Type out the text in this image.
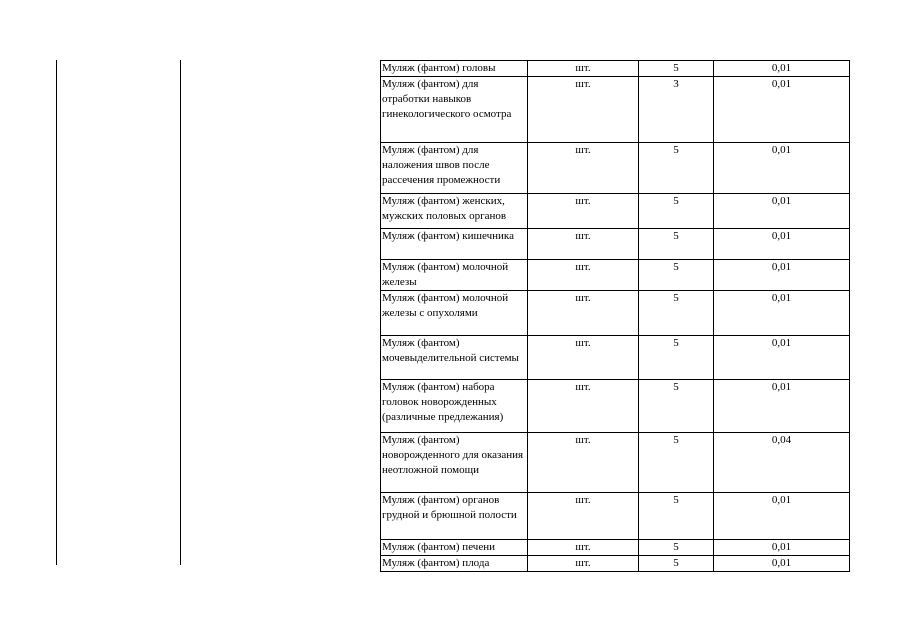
Муляж (фантом) головы	шт.	5	0,01
Муляж (фантом) для отработки навыков гинекологического осмотра	шт.	3	0,01
Муляж (фантом) для наложения швов после рассечения промежности	шт.	5	0,01
Муляж (фантом) женских, мужских половых органов	шт.	5	0,01
Муляж (фантом) кишечника	шт.	5	0,01
Муляж (фантом) молочной железы	шт.	5	0,01
Муляж (фантом) молочной железы с опухолями	шт.	5	0,01
Муляж (фантом) мочевыделительной системы	шт.	5	0,01
Муляж (фантом) набора головок новорожденных (различные предлежания)	шт.	5	0,01
Муляж (фантом) новорожденного для оказания неотложной помощи	шт.	5	0,04
Муляж (фантом) органов грудной и брюшной полости	шт.	5	0,01
Муляж (фантом) печени	шт.	5	0,01
Муляж (фантом) плода	шт.	5	0,01
